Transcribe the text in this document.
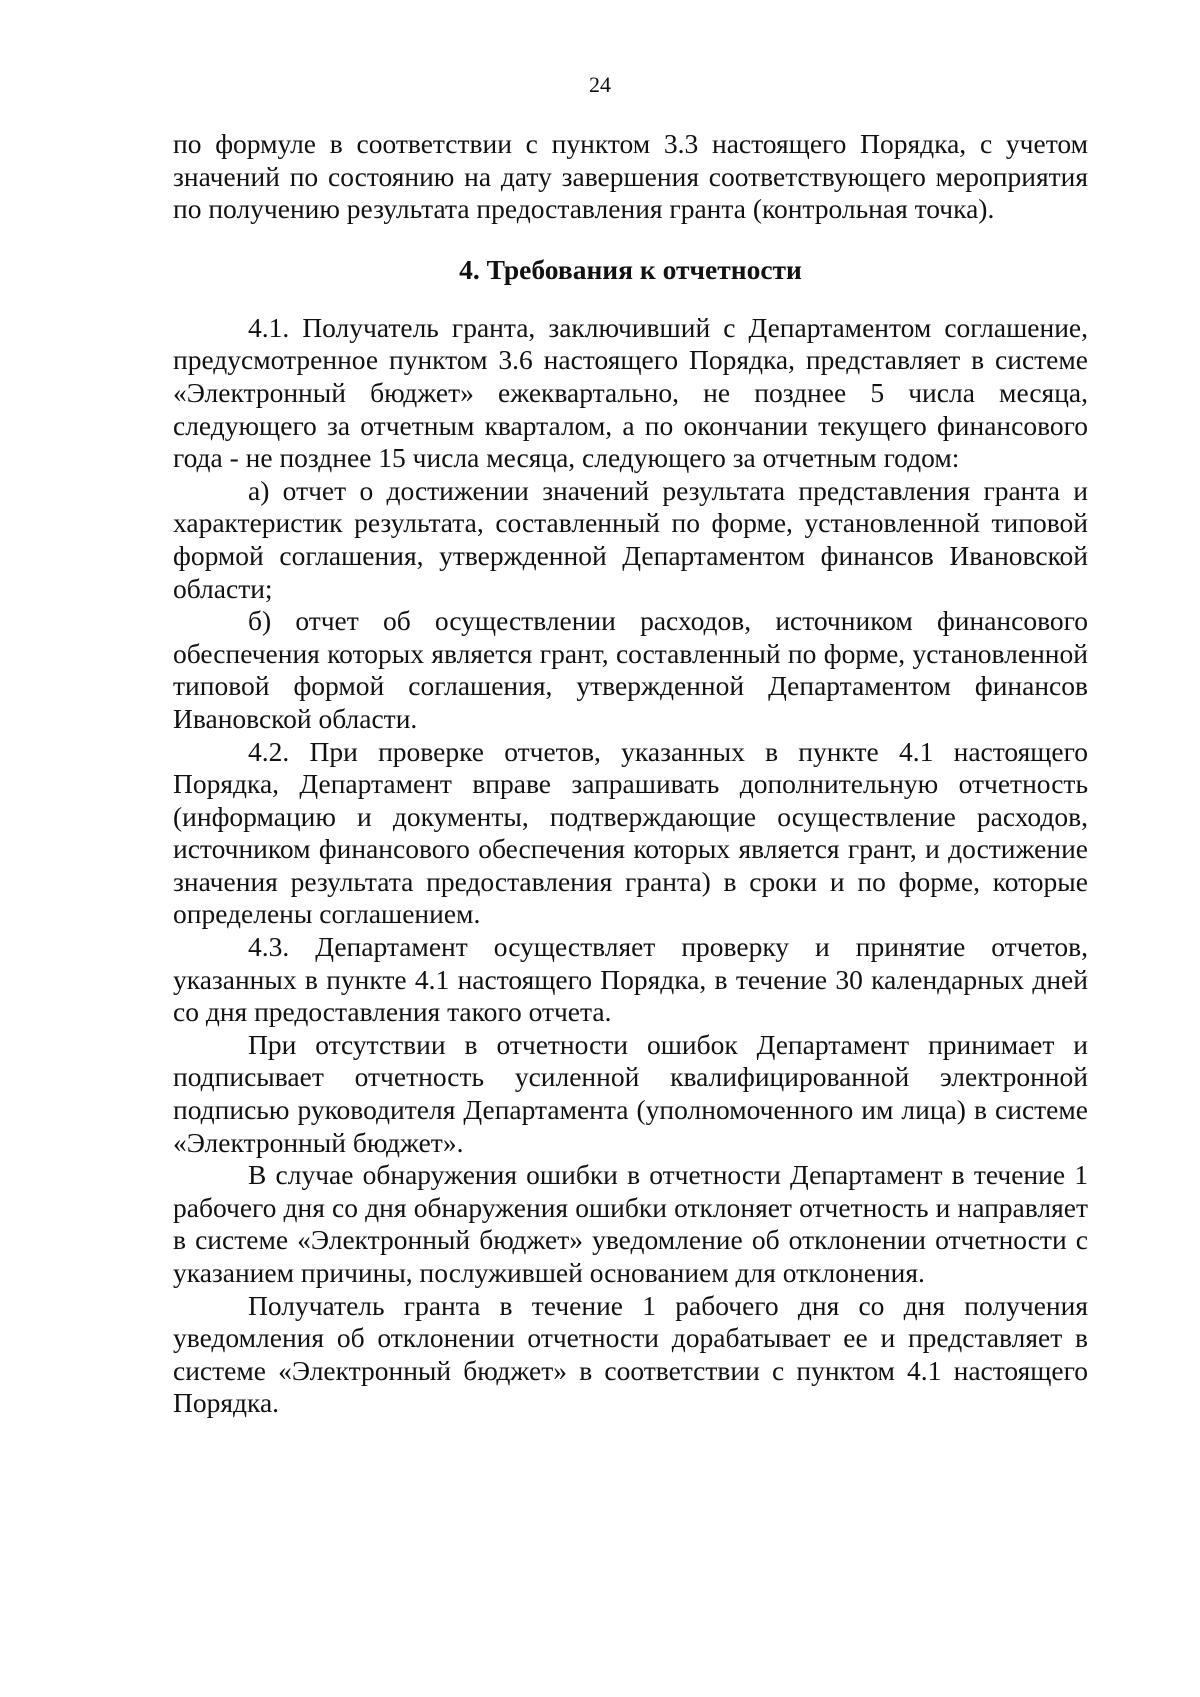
24

по формуле в соответствии с пунктом 3.3 настоящего Порядка, с учетом значений по состоянию на дату завершения соответствующего мероприятия по получению результата предоставления гранта (контрольная точка).

4. Требования к отчетности

4.1. Получатель гранта, заключивший с Департаментом соглашение, предусмотренное пунктом 3.6 настоящего Порядка, представляет в системе «Электронный бюджет» ежеквартально, не позднее 5 числа месяца, следующего за отчетным кварталом, а по окончании текущего финансового года - не позднее 15 числа месяца, следующего за отчетным годом:

а) отчет о достижении значений результата представления гранта и характеристик результата, составленный по форме, установленной типовой формой соглашения, утвержденной Департаментом финансов Ивановской области;

б) отчет об осуществлении расходов, источником финансового обеспечения которых является грант, составленный по форме, установленной типовой формой соглашения, утвержденной Департаментом финансов Ивановской области.

4.2. При проверке отчетов, указанных в пункте 4.1 настоящего Порядка, Департамент вправе запрашивать дополнительную отчетность (информацию и документы, подтверждающие осуществление расходов, источником финансового обеспечения которых является грант, и достижение значения результата предоставления гранта) в сроки и по форме, которые определены соглашением.

4.3. Департамент осуществляет проверку и принятие отчетов, указанных в пункте 4.1 настоящего Порядка, в течение 30 календарных дней со дня предоставления такого отчета.

При отсутствии в отчетности ошибок Департамент принимает и подписывает отчетность усиленной квалифицированной электронной подписью руководителя Департамента (уполномоченного им лица) в системе «Электронный бюджет».

В случае обнаружения ошибки в отчетности Департамент в течение 1 рабочего дня со дня обнаружения ошибки отклоняет отчетность и направляет в системе «Электронный бюджет» уведомление об отклонении отчетности с указанием причины, послужившей основанием для отклонения.

Получатель гранта в течение 1 рабочего дня со дня получения уведомления об отклонении отчетности дорабатывает ее и представляет в системе «Электронный бюджет» в соответствии с пунктом 4.1 настоящего Порядка.
